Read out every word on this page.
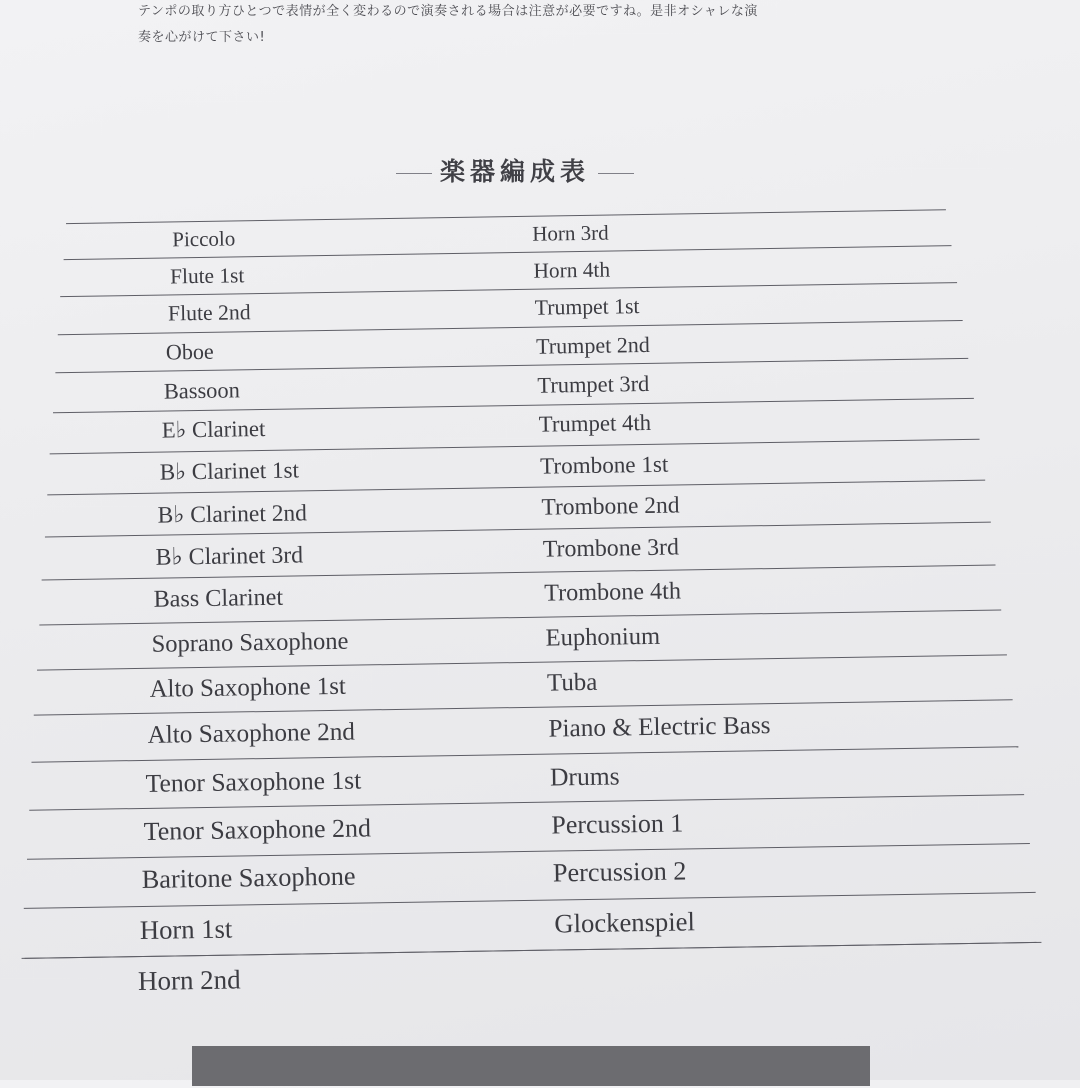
テンポの取り方ひとつで表情が全く変わるので演奏される場合は注意が必要ですね。是非オシャレな演
奏を心がけて下さい!
楽器編成表
Piccolo	Horn 3rd
Flute 1st	Horn 4th
Flute 2nd	Trumpet 1st
Oboe	Trumpet 2nd
Bassoon	Trumpet 3rd
E♭ Clarinet	Trumpet 4th
B♭ Clarinet 1st	Trombone 1st
B♭ Clarinet 2nd	Trombone 2nd
B♭ Clarinet 3rd	Trombone 3rd
Bass Clarinet	Trombone 4th
Soprano Saxophone	Euphonium
Alto Saxophone 1st	Tuba
Alto Saxophone 2nd	Piano & Electric Bass
Tenor Saxophone 1st	Drums
Tenor Saxophone 2nd	Percussion 1
Baritone Saxophone	Percussion 2
Horn 1st	Glockenspiel
Horn 2nd
